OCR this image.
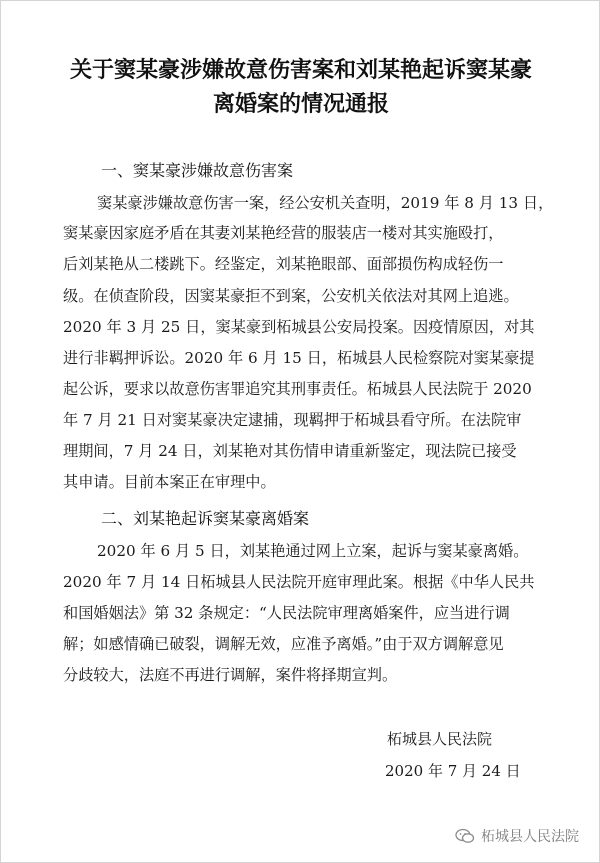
关于窦某豪涉嫌故意伤害案和刘某艳起诉窦某豪
离婚案的情况通报
一、窦某豪涉嫌故意伤害案
窦某豪涉嫌故意伤害一案，经公安机关查明，2019 年 8 月 13 日，
窦某豪因家庭矛盾在其妻刘某艳经营的服装店一楼对其实施殴打，
后刘某艳从二楼跳下。经鉴定，刘某艳眼部、面部损伤构成轻伤一
级。在侦查阶段，因窦某豪拒不到案，公安机关依法对其网上追逃。
2020 年 3 月 25 日，窦某豪到柘城县公安局投案。因疫情原因，对其
进行非羁押诉讼。2020 年 6 月 15 日，柘城县人民检察院对窦某豪提
起公诉，要求以故意伤害罪追究其刑事责任。柘城县人民法院于 2020
年 7 月 21 日对窦某豪决定逮捕，现羁押于柘城县看守所。在法院审
理期间，7 月 24 日，刘某艳对其伤情申请重新鉴定，现法院已接受
其申请。目前本案正在审理中。
二、刘某艳起诉窦某豪离婚案
2020 年 6 月 5 日，刘某艳通过网上立案，起诉与窦某豪离婚。
2020 年 7 月 14 日柘城县人民法院开庭审理此案。根据《中华人民共
和国婚姻法》第 32 条规定：“人民法院审理离婚案件，应当进行调
解；如感情确已破裂，调解无效，应准予离婚。”由于双方调解意见
分歧较大，法庭不再进行调解，案件将择期宣判。
柘城县人民法院
2020 年 7 月 24 日
柘城县人民法院
